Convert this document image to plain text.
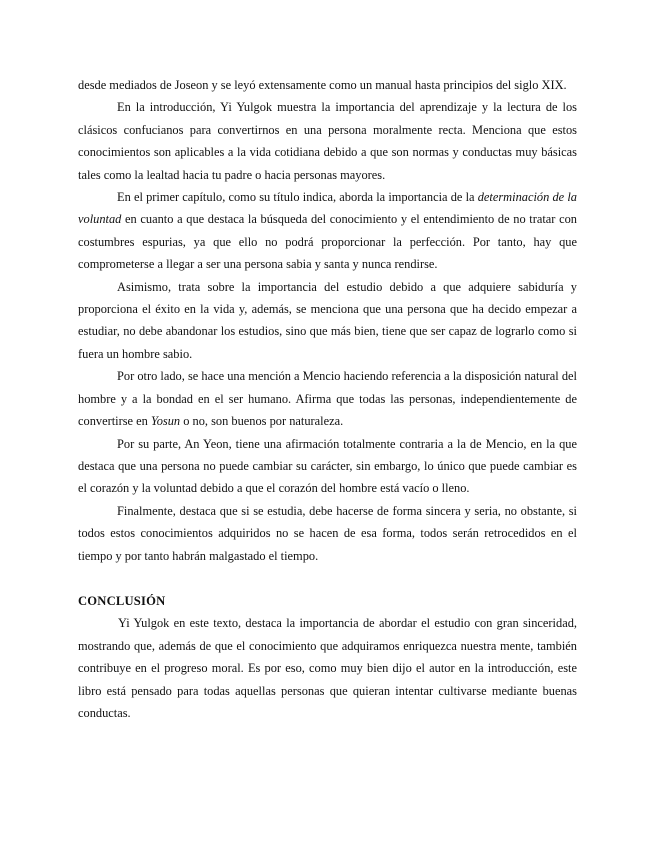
desde mediados de Joseon y se leyó extensamente como un manual hasta principios del siglo XIX.

En la introducción, Yi Yulgok muestra la importancia del aprendizaje y la lectura de los clásicos confucianos para convertirnos en una persona moralmente recta. Menciona que estos conocimientos son aplicables a la vida cotidiana debido a que son normas y conductas muy básicas tales como la lealtad hacia tu padre o hacia personas mayores.

En el primer capítulo, como su título indica, aborda la importancia de la determinación de la voluntad en cuanto a que destaca la búsqueda del conocimiento y el entendimiento de no tratar con costumbres espurias, ya que ello no podrá proporcionar la perfección. Por tanto, hay que comprometerse a llegar a ser una persona sabia y santa y nunca rendirse.

Asimismo, trata sobre la importancia del estudio debido a que adquiere sabiduría y proporciona el éxito en la vida y, además, se menciona que una persona que ha decido empezar a estudiar, no debe abandonar los estudios, sino que más bien, tiene que ser capaz de lograrlo como si fuera un hombre sabio.

Por otro lado, se hace una mención a Mencio haciendo referencia a la disposición natural del hombre y a la bondad en el ser humano. Afirma que todas las personas, independientemente de convertirse en Yosun o no, son buenos por naturaleza.

Por su parte, An Yeon, tiene una afirmación totalmente contraria a la de Mencio, en la que destaca que una persona no puede cambiar su carácter, sin embargo, lo único que puede cambiar es el corazón y la voluntad debido a que el corazón del hombre está vacío o lleno.

Finalmente, destaca que si se estudia, debe hacerse de forma sincera y seria, no obstante, si todos estos conocimientos adquiridos no se hacen de esa forma, todos serán retrocedidos en el tiempo y por tanto habrán malgastado el tiempo.

CONCLUSIÓN

Yi Yulgok en este texto, destaca la importancia de abordar el estudio con gran sinceridad, mostrando que, además de que el conocimiento que adquiramos enriquezca nuestra mente, también contribuye en el progreso moral. Es por eso, como muy bien dijo el autor en la introducción, este libro está pensado para todas aquellas personas que quieran intentar cultivarse mediante buenas conductas.
